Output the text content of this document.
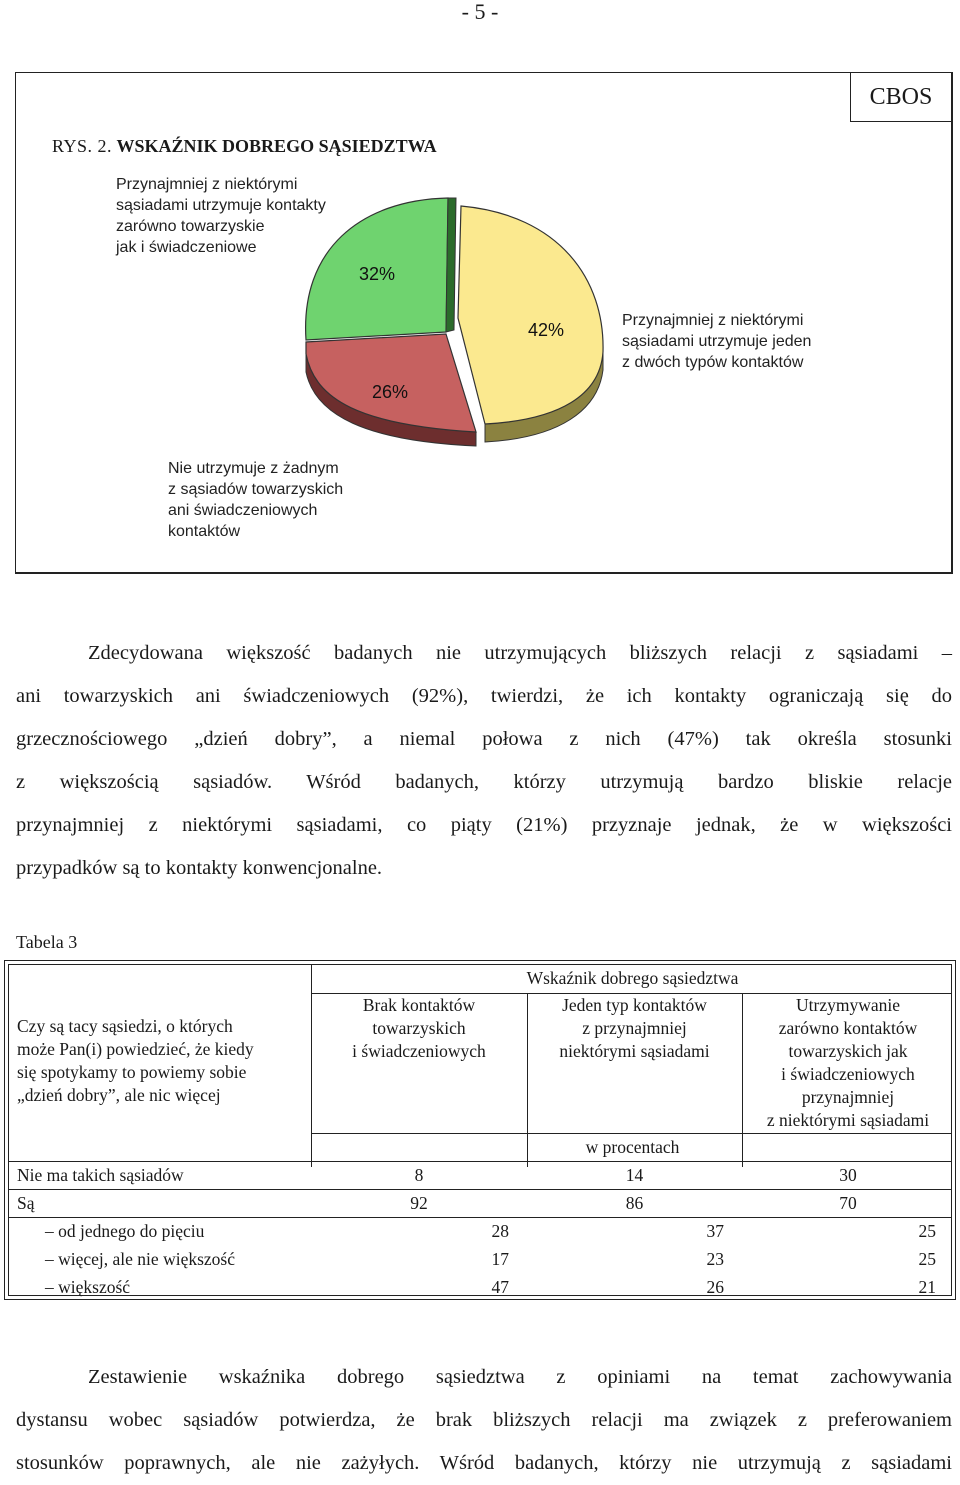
- 5 -
CBOS
RYS. 2. WSKAŹNIK DOBREGO SĄSIEDZTWA
32%
42%
26%
Przynajmniej z niektórymi
sąsiadami utrzymuje kontakty
zarówno towarzyskie
jak i świadczeniowe
Przynajmniej z niektórymi
sąsiadami utrzymuje jeden
z dwóch typów kontaktów
Nie utrzymuje z żadnym
z sąsiadów towarzyskich
ani świadczeniowych
kontaktów
Zdecydowana większość badanych nie utrzymujących bliższych relacji z sąsiadami –
ani towarzyskich ani świadczeniowych (92%), twierdzi, że ich kontakty ograniczają się do
grzecznościowego „dzień dobry”, a niemal połowa z nich (47%) tak określa stosunki
z większością sąsiadów. Wśród badanych, którzy utrzymują bardzo bliskie relacje
przynajmniej z niektórymi sąsiadami, co piąty (21%) przyznaje jednak, że w większości
przypadków są to kontakty konwencjonalne.
Tabela 3
Czy są tacy sąsiedzi, o których
może Pan(i) powiedzieć, że kiedy
się spotykamy to powiemy sobie
„dzień dobry”, ale nic więcej
Wskaźnik dobrego sąsiedztwa
Brak kontaktów
towarzyskich
i świadczeniowych
Jeden typ kontaktów
z przynajmniej
niektórymi sąsiadami
Utrzymywanie
zarówno kontaktów
towarzyskich jak
i świadczeniowych
przynajmniej
z niektórymi sąsiadami
w procentach
Nie ma takich sąsiadów	8	14	30
Są	92	86	70
– od jednego do pięciu	28	37	25
– więcej, ale nie większość	17	23	25
– większość	47	26	21
Zestawienie wskaźnika dobrego sąsiedztwa z opiniami na temat zachowywania
dystansu wobec sąsiadów potwierdza, że brak bliższych relacji ma związek z preferowaniem
stosunków poprawnych, ale nie zażyłych. Wśród badanych, którzy nie utrzymują z sąsiadami
